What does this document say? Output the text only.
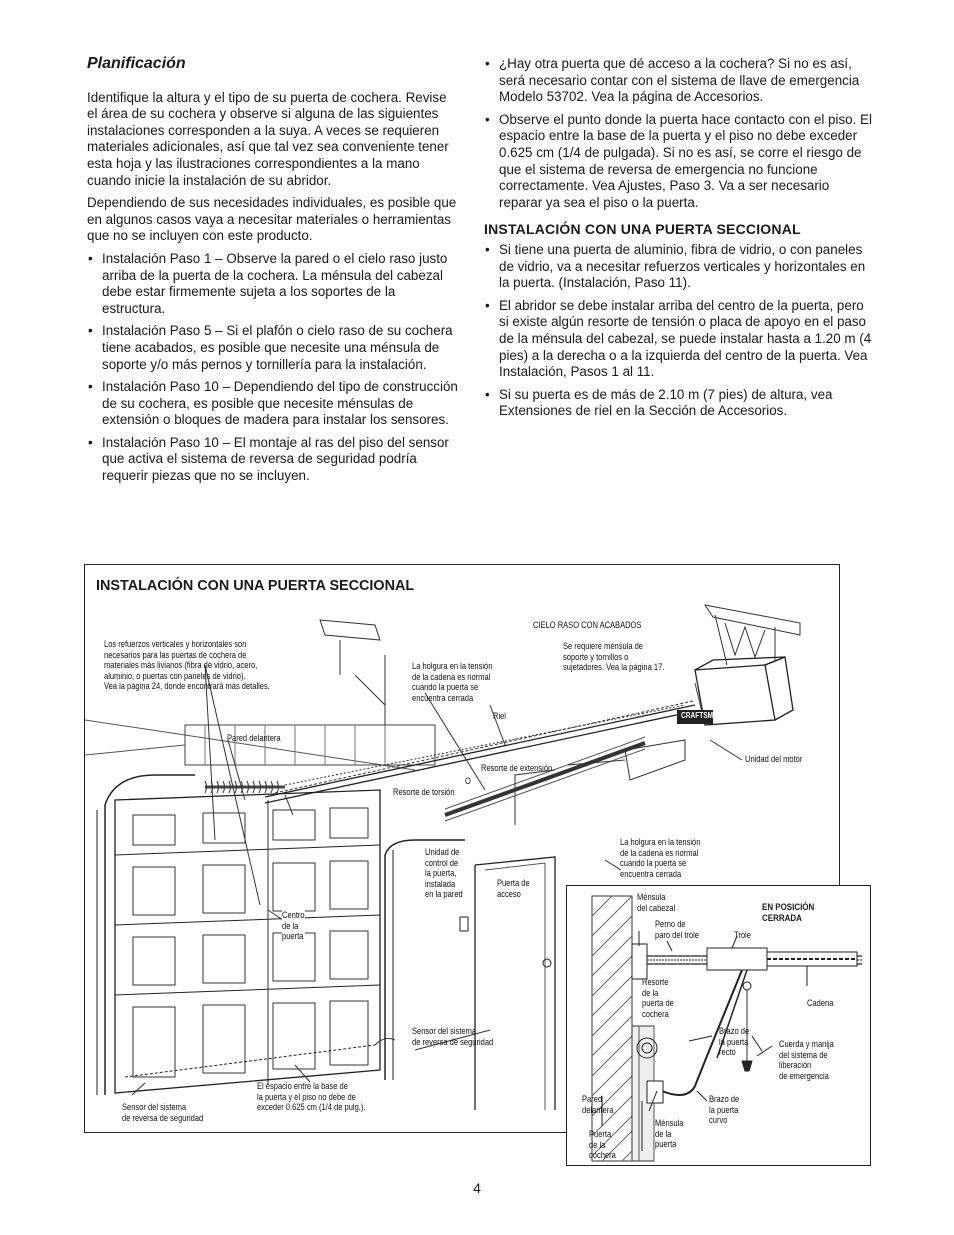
Planificación

Identifique la altura y el tipo de su puerta de cochera. Revise el área de su cochera y observe si alguna de las siguientes instalaciones corresponden a la suya. A veces se requieren materiales adicionales, así que tal vez sea conveniente tener esta hoja y las ilustraciones correspondientes a la mano cuando inicie la instalación de su abridor.

Dependiendo de sus necesidades individuales, es posible que en algunos casos vaya a necesitar materiales o herramientas que no se incluyen con este producto.

• Instalación Paso 1 – Observe la pared o el cielo raso justo arriba de la puerta de la cochera. La ménsula del cabezal debe estar firmemente sujeta a los soportes de la estructura.
• Instalación Paso 5 – Si el plafón o cielo raso de su cochera tiene acabados, es posible que necesite una ménsula de soporte y/o más pernos y tornillería para la instalación.
• Instalación Paso 10 – Dependiendo del tipo de construcción de su cochera, es posible que necesite ménsulas de extensión o bloques de madera para instalar los sensores.
• Instalación Paso 10 – El montaje al ras del piso del sensor que activa el sistema de reversa de seguridad podría requerir piezas que no se incluyen.
• ¿Hay otra puerta que dé acceso a la cochera? Si no es así, será necesario contar con el sistema de llave de emergencia Modelo 53702. Vea la página de Accesorios.
• Observe el punto donde la puerta hace contacto con el piso. El espacio entre la base de la puerta y el piso no debe exceder 0.625 cm (1/4 de pulgada). Si no es así, se corre el riesgo de que el sistema de reversa de emergencia no funcione correctamente. Vea Ajustes, Paso 3. Va a ser necesario reparar ya sea el piso o la puerta.
INSTALACIÓN CON UNA PUERTA SECCIONAL
• Si tiene una puerta de aluminio, fibra de vidrio, o con paneles de vidrio, va a necesitar refuerzos verticales y horizontales en la puerta. (Instalación, Paso 11).
• El abridor se debe instalar arriba del centro de la puerta, pero si existe algún resorte de tensión o placa de apoyo en el paso de la ménsula del cabezal, se puede instalar hasta a 1.20 m (4 pies) a la derecha o a la izquierda del centro de la puerta. Vea Instalación, Pasos 1 al 11.
• Si su puerta es de más de 2.10 m (7 pies) de altura, vea Extensiones de riel en la Sección de Accesorios.
INSTALACIÓN CON UNA PUERTA SECCIONAL
Los refuerzos verticales y horizontales son
necesarios para las puertas de cochera de
materiales más livianos (fibra de vidrio, acero,
aluminio, o puertas con paneles de vidrio).
Vea la página 24, donde encontrará más detalles.
CIELO RASO CON ACABADOS
Se requiere ménsula de
soporte y tornillos o
sujetadores. Vea la página 17.
La holgura en la tensión
de la cadena es normal
cuando la puerta se
encuentra cerrada
Riel
Pared delantera
Resorte de extensión
O
Resorte de torsión
Unidad del motor
Unidad de
control de
la puerta,
instalada
en la pared
Puerta de
acceso
Centro
de la
puerta
La holgura en la tensión
de la cadena es normal
cuando la puerta se
encuentra cerrada
Sensor del sistema
de reversa de seguridad
El espacio entre la base de
la puerta y el piso no debe de
exceder 0.625 cm (1/4 de pulg.).
Sensor del sistema
de reversa de seguridad
CRAFTSMAN
EN POSICIÓN CERRADA
Ménsula
del cabezal
Perno de
paro del trole	Trole
Resorte
de la
puerta de
cochera
Cadena
Brazo de
la puerta
recto
Cuerda y manija
del sistema de
liberación
de emergencia
Pared
delantera
Brazo de
la puerta
curvo
Ménsula
de la
puerta
Puerta
de la
cochera
4
